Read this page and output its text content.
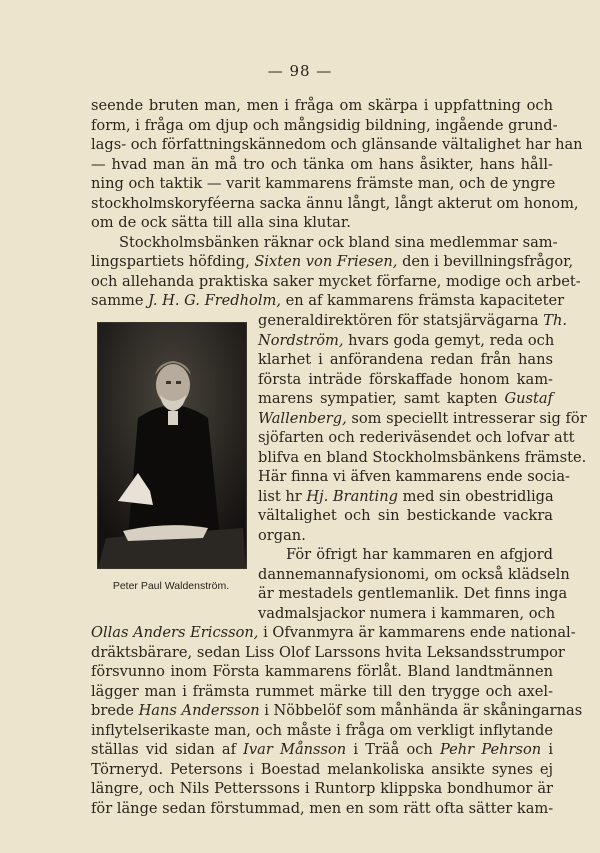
— 98 —
seende bruten man, men i fråga om skärpa i uppfattning och
form, i fråga om djup och mångsidig bildning, ingående grund-
lags- och författningskännedom och glänsande vältalighet har han
— hvad man än må tro och tänka om hans åsikter, hans håll-
ning och taktik — varit kammarens främste man, och de yngre
stockholmskoryféerna sacka ännu långt, långt akterut om honom,
om de ock sätta till alla sina klutar.
Stockholmsbänken räknar ock bland sina medlemmar sam-
lingspartiets höfding, Sixten von Friesen, den i bevillningsfrågor,
och allehanda praktiska saker mycket förfarne, modige och arbet-
samme J. H. G. Fredholm, en af kammarens främsta kapaciteter
generaldirektören för statsjärvägarna Th.
Nordström, hvars goda gemyt, reda och
klarhet i anförandena redan från hans
första inträde förskaffade honom kam-
marens sympatier, samt kapten Gustaf
Wallenberg, som speciellt intresserar sig för
sjöfarten och rederiväsendet och lofvar att
blifva en bland Stockholmsbänkens främste.
Här finna vi äfven kammarens ende socia-
list hr Hj. Branting med sin obestridliga
vältalighet och sin bestickande vackra
organ.
För öfrigt har kammaren en afgjord
dannemannafysionomi, om också klädseln
är mestadels gentlemanlik. Det finns inga
vadmalsjackor numera i kammaren, och
Ollas Anders Ericsson, i Ofvanmyra är kammarens ende national-
dräktsbärare, sedan Liss Olof Larssons hvita Leksandsstrumpor
försvunno inom Första kammarens förlåt. Bland landtmännen
lägger man i främsta rummet märke till den trygge och axel-
brede Hans Andersson i Nöbbelöf som månhända är skåningarnas
inflytelserikaste man, och måste i fråga om verkligt inflytande
ställas vid sidan af Ivar Månsson i Träå och Pehr Pehrson i
Törneryd. Petersons i Boestad melankoliska ansikte synes ej
längre, och Nils Petterssons i Runtorp klippska bondhumor är
för länge sedan förstummad, men en som rätt ofta sätter kam-
Peter Paul Waldenström.
